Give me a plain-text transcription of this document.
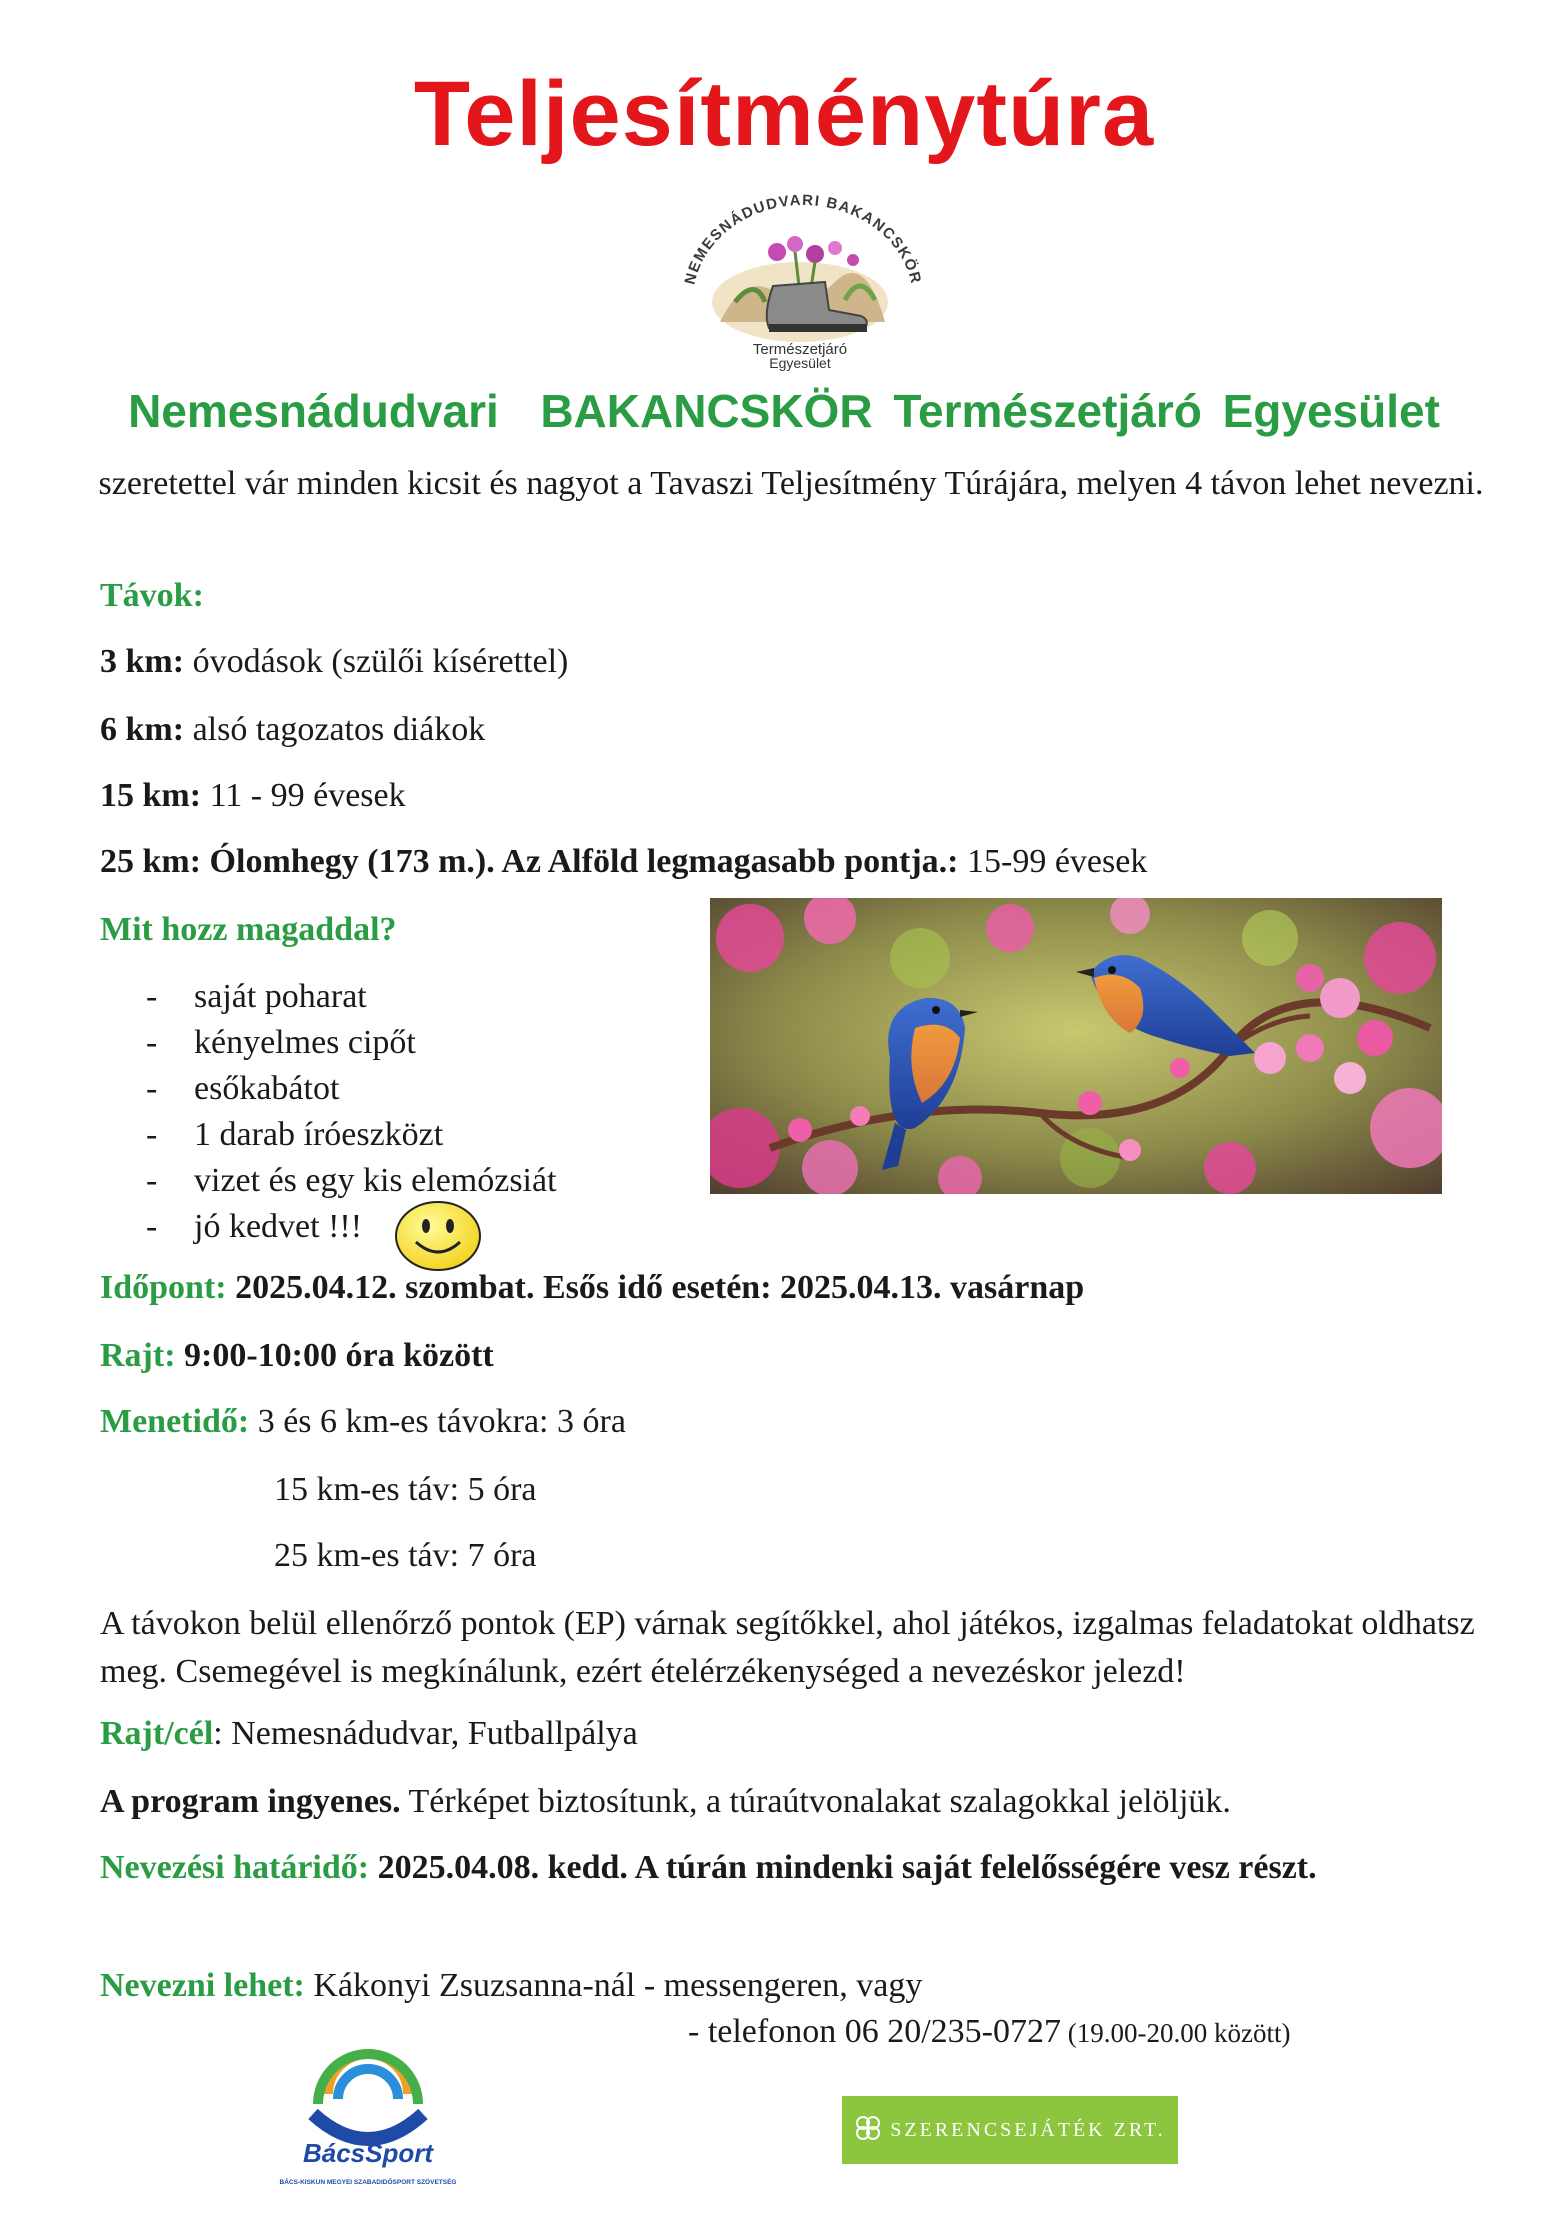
Teljesítménytúra
NEMESNÁDUDVARI BAKANCSKÖR
Természetjáró
Egyesület
Nemesnádudvari  BAKANCSKÖR Természetjáró Egyesület
szeretettel vár minden kicsit és nagyot a Tavaszi Teljesítmény Túrájára, melyen 4 távon lehet nevezni.
Távok:
3 km: óvodások (szülői kísérettel)
6 km: alsó tagozatos diákok
15 km: 11 - 99 évesek
25 km: Ólomhegy (173 m.). Az Alföld legmagasabb pontja.: 15-99 évesek
Mit hozz magaddal?
- saját poharat
- kényelmes cipőt
- esőkabátot
- 1 darab íróeszközt
- vizet és egy kis elemózsiát
- jó kedvet !!!
Időpont: 2025.04.12. szombat. Esős idő esetén: 2025.04.13. vasárnap
Rajt: 9:00-10:00 óra között
Menetidő: 3 és 6 km-es távokra: 3 óra
15 km-es táv: 5 óra
25 km-es táv: 7 óra
A távokon belül ellenőrző pontok (EP) várnak segítőkkel, ahol játékos, izgalmas feladatokat oldhatsz meg. Csemegével is megkínálunk, ezért ételérzékenységed a nevezéskor jelezd!
Rajt/cél: Nemesnádudvar, Futballpálya
A program ingyenes. Térképet biztosítunk, a túraútvonalakat szalagokkal jelöljük.
Nevezési határidő: 2025.04.08. kedd. A túrán mindenki saját felelősségére vesz részt.
Nevezni lehet: Kákonyi Zsuzsanna-nál - messengeren, vagy
- telefonon 06 20/235-0727 (19.00-20.00 között)
BácsSport
BÁCS-KISKUN MEGYEI SZABADIDŐSPORT SZÖVETSÉG
SZERENCSEJÁTÉK ZRT.
